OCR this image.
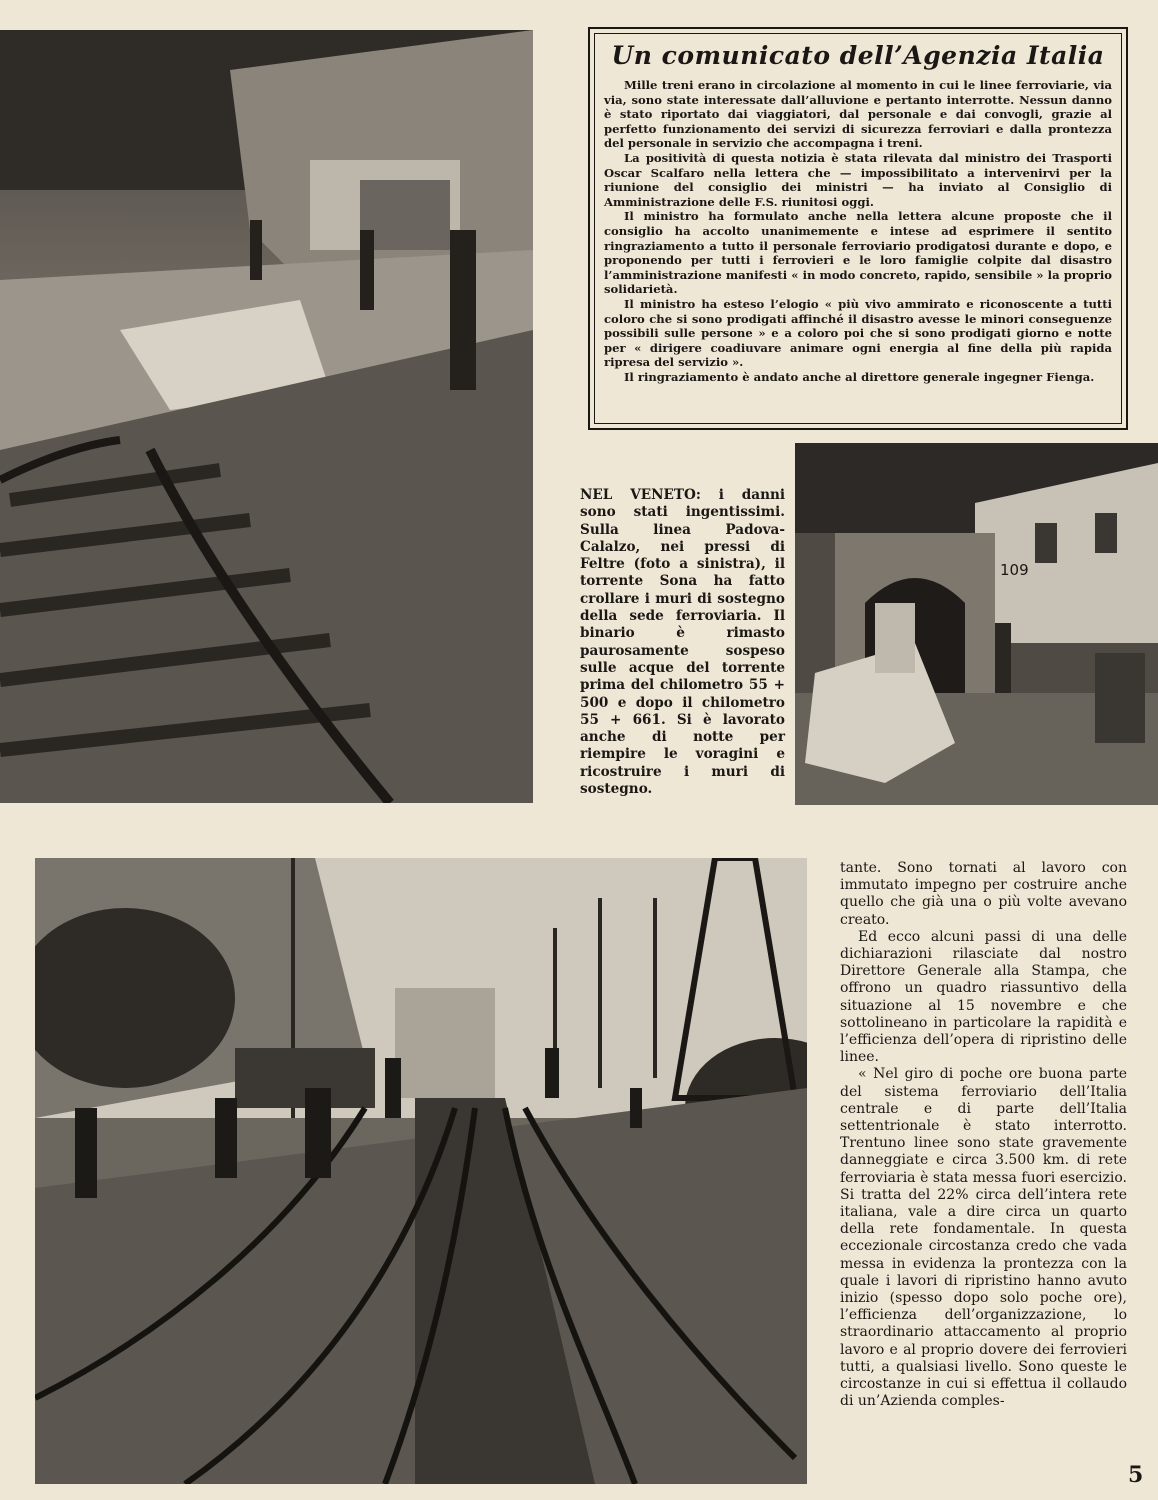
Un comunicato dell’Agenzia Italia

Mille treni erano in circolazione al momento in cui le linee ferroviarie, via via, sono state interessate dall’alluvione e pertanto interrotte. Nessun danno è stato riportato dai viaggiatori, dal personale e dai convogli, grazie al perfetto funzionamento dei servizi di sicurezza ferroviari e dalla prontezza del personale in servizio che accompagna i treni.

La positività di questa notizia è stata rilevata dal ministro dei Trasporti Oscar Scalfaro nella lettera che — impossibilitato a intervenirvi per la riunione del consiglio dei ministri — ha inviato al Consiglio di Amministrazione delle F.S. riunitosi oggi.

Il ministro ha formulato anche nella lettera alcune proposte che il consiglio ha accolto unanimemente e intese ad esprimere il sentito ringraziamento a tutto il personale ferroviario prodigatosi durante e dopo, e proponendo per tutti i ferrovieri e le loro famiglie colpite dal disastro l’amministrazione manifesti « in modo concreto, rapido, sensibile » la proprio solidarietà.

Il ministro ha esteso l’elogio « più vivo ammirato e riconoscente a tutti coloro che si sono prodigati affinché il disastro avesse le minori conseguenze possibili sulle persone » e a coloro poi che si sono prodigati giorno e notte per « dirigere coadiuvare animare ogni energia al fine della più rapida ripresa del servizio ».

Il ringraziamento è andato anche al direttore generale ingegner Fienga.

NEL VENETO: i danni sono stati ingentissimi. Sulla linea Padova-Calalzo, nei pressi di Feltre (foto a sinistra), il torrente Sona ha fatto crollare i muri di sostegno della sede ferroviaria. Il binario è rimasto paurosamente sospeso sulle acque del torrente prima del chilometro 55 + 500 e dopo il chilometro 55 + 661. Si è lavorato anche di notte per riempire le voragini e ricostruire i muri di sostegno.

109

tante. Sono tornati al lavoro con immutato impegno per costruire anche quello che già una o più volte avevano creato.

Ed ecco alcuni passi di una delle dichiarazioni rilasciate dal nostro Direttore Generale alla Stampa, che offrono un quadro riassuntivo della situazione al 15 novembre e che sottolineano in particolare la rapidità e l’efficienza dell’opera di ripristino delle linee.

« Nel giro di poche ore buona parte del sistema ferroviario dell’Italia centrale e di parte dell’Italia settentrionale è stato interrotto. Trentuno linee sono state gravemente danneggiate e circa 3.500 km. di rete ferroviaria è stata messa fuori esercizio. Si tratta del 22% circa dell’intera rete italiana, vale a dire circa un quarto della rete fondamentale. In questa eccezionale circostanza credo che vada messa in evidenza la prontezza con la quale i lavori di ripristino hanno avuto inizio (spesso dopo solo poche ore), l’efficienza dell’organizzazione, lo straordinario attaccamento al proprio lavoro e al proprio dovere dei ferrovieri tutti, a qualsiasi livello. Sono queste le circostanze in cui si effettua il collaudo di un’Azienda comples-

5
